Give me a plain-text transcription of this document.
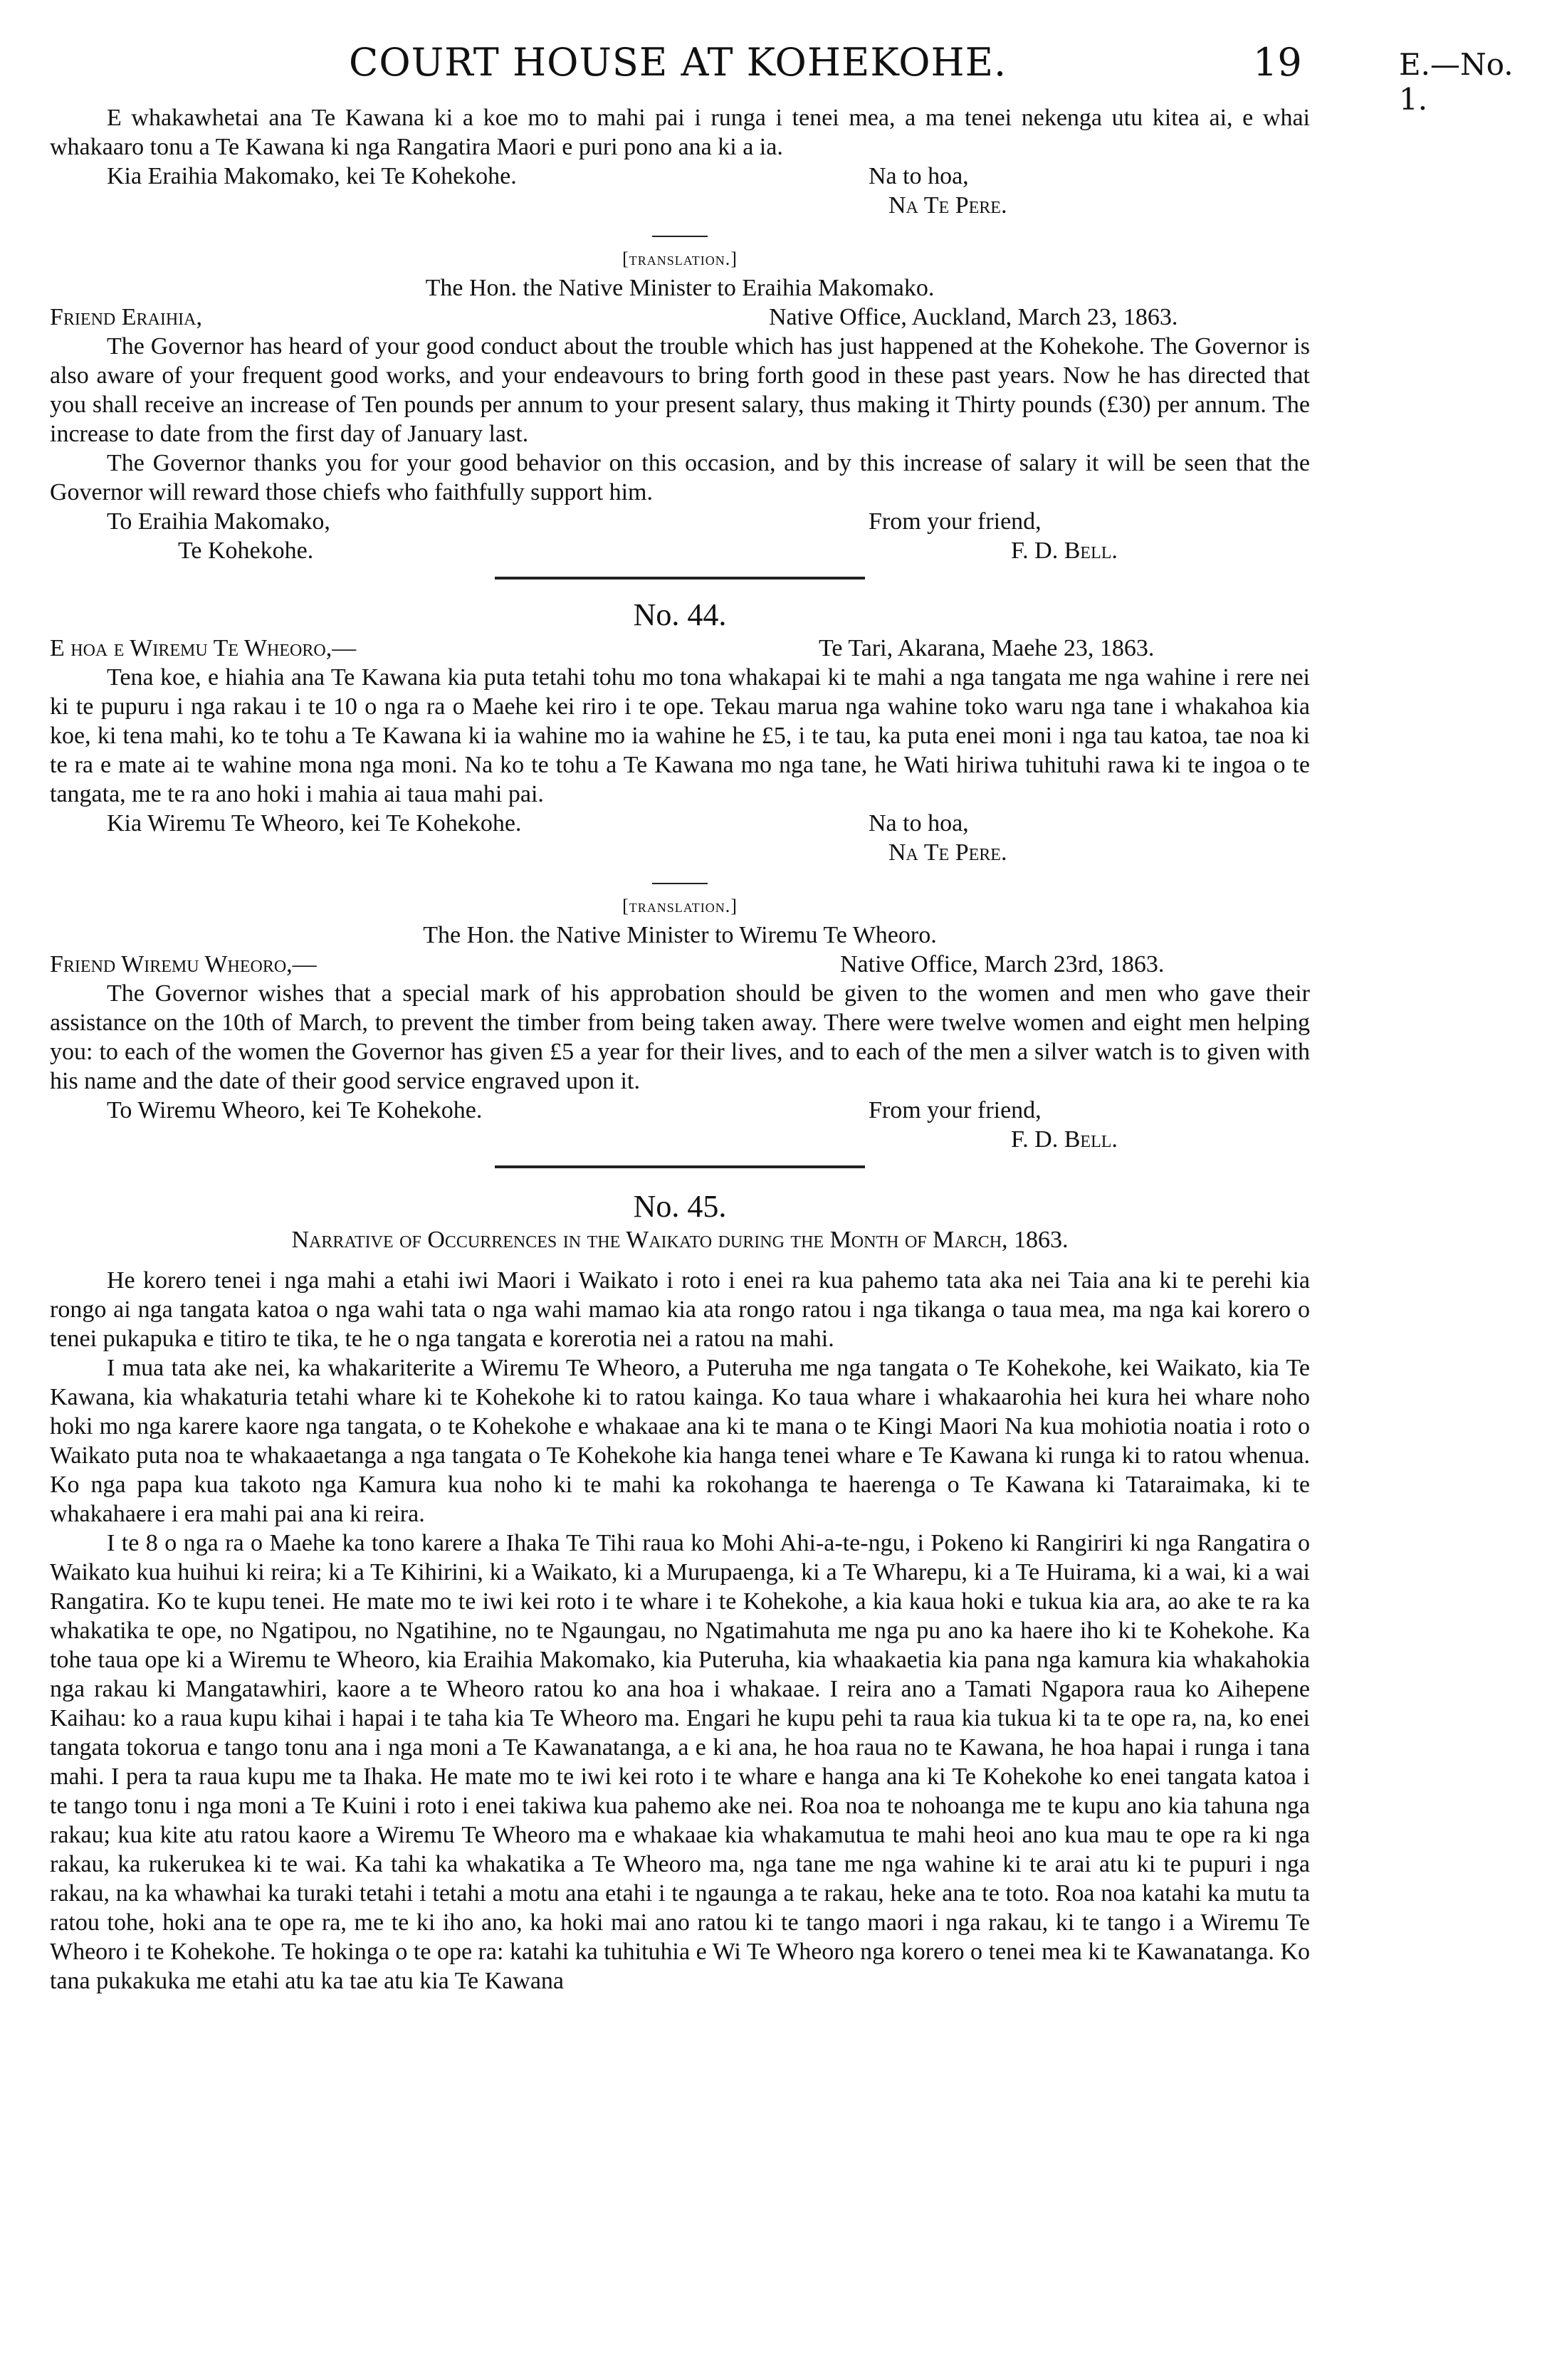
COURT HOUSE AT KOHEKOHE.	19	E.—No. 1.

E whakawhetai ana Te Kawana ki a koe mo to mahi pai i runga i tenei mea, a ma tenei nekenga utu kitea ai, e whai whakaaro tonu a Te Kawana ki nga Rangatira Maori e puri pono ana ki a ia.

Kia Eraihia Makomako, kei Te Kohekohe.	Na to hoa,
Na Te Pere.
[translation.]
The Hon. the Native Minister to Eraihia Makomako.
Friend Eraihia,	Native Office, Auckland, March 23, 1863.

The Governor has heard of your good conduct about the trouble which has just happened at the Kohekohe. The Governor is also aware of your frequent good works, and your endeavours to bring forth good in these past years. Now he has directed that you shall receive an increase of Ten pounds per annum to your present salary, thus making it Thirty pounds (£30) per annum. The increase to date from the first day of January last.

The Governor thanks you for your good behavior on this occasion, and by this increase of salary it will be seen that the Governor will reward those chiefs who faithfully support him.

To Eraihia Makomako,	From your friend,
Te Kohekohe.	F. D. Bell.
No. 44.
E hoa e Wiremu Te Wheoro,—	Te Tari, Akarana, Maehe 23, 1863.

Tena koe, e hiahia ana Te Kawana kia puta tetahi tohu mo tona whakapai ki te mahi a nga tangata me nga wahine i rere nei ki te pupuru i nga rakau i te 10 o nga ra o Maehe kei riro i te ope. Tekau marua nga wahine toko waru nga tane i whakahoa kia koe, ki tena mahi, ko te tohu a Te Kawana ki ia wahine mo ia wahine he £5, i te tau, ka puta enei moni i nga tau katoa, tae noa ki te ra e mate ai te wahine mona nga moni. Na ko te tohu a Te Kawana mo nga tane, he Wati hiriwa tuhituhi rawa ki te ingoa o te tangata, me te ra ano hoki i mahia ai taua mahi pai.

Kia Wiremu Te Wheoro, kei Te Kohekohe.	Na to hoa,
Na Te Pere.
[translation.]
The Hon. the Native Minister to Wiremu Te Wheoro.
Friend Wiremu Wheoro,—	Native Office, March 23rd, 1863.

The Governor wishes that a special mark of his approbation should be given to the women and men who gave their assistance on the 10th of March, to prevent the timber from being taken away. There were twelve women and eight men helping you: to each of the women the Governor has given £5 a year for their lives, and to each of the men a silver watch is to given with his name and the date of their good service engraved upon it.

To Wiremu Wheoro, kei Te Kohekohe.	From your friend,
F. D. Bell.
No. 45.
Narrative of Occurrences in the Waikato during the Month of March, 1863.

He korero tenei i nga mahi a etahi iwi Maori i Waikato i roto i enei ra kua pahemo tata aka nei Taia ana ki te perehi kia rongo ai nga tangata katoa o nga wahi tata o nga wahi mamao kia ata rongo ratou i nga tikanga o taua mea, ma nga kai korero o tenei pukapuka e titiro te tika, te he o nga tangata e korerotia nei a ratou na mahi.

I mua tata ake nei, ka whakariterite a Wiremu Te Wheoro, a Puteruha me nga tangata o Te Kohekohe, kei Waikato, kia Te Kawana, kia whakaturia tetahi whare ki te Kohekohe ki to ratou kainga. Ko taua whare i whakaarohia hei kura hei whare noho hoki mo nga karere kaore nga tangata, o te Kohekohe e whakaae ana ki te mana o te Kingi Maori Na kua mohiotia noatia i roto o Waikato puta noa te whakaaetanga a nga tangata o Te Kohekohe kia hanga tenei whare e Te Kawana ki runga ki to ratou whenua. Ko nga papa kua takoto nga Kamura kua noho ki te mahi ka rokohanga te haerenga o Te Kawana ki Tataraimaka, ki te whakahaere i era mahi pai ana ki reira.

I te 8 o nga ra o Maehe ka tono karere a Ihaka Te Tihi raua ko Mohi Ahi-a-te-ngu, i Pokeno ki Rangiriri ki nga Rangatira o Waikato kua huihui ki reira; ki a Te Kihirini, ki a Waikato, ki a Murupaenga, ki a Te Wharepu, ki a Te Huirama, ki a wai, ki a wai Rangatira. Ko te kupu tenei. He mate mo te iwi kei roto i te whare i te Kohekohe, a kia kaua hoki e tukua kia ara, ao ake te ra ka whakatika te ope, no Ngatipou, no Ngatihine, no te Ngaungau, no Ngatimahuta me nga pu ano ka haere iho ki te Kohekohe. Ka tohe taua ope ki a Wiremu te Wheoro, kia Eraihia Makomako, kia Puteruha, kia whaakaetia kia pana nga kamura kia whakahokia nga rakau ki Mangatawhiri, kaore a te Wheoro ratou ko ana hoa i whakaae. I reira ano a Tamati Ngapora raua ko Aihepene Kaihau: ko a raua kupu kihai i hapai i te taha kia Te Wheoro ma. Engari he kupu pehi ta raua kia tukua ki ta te ope ra, na, ko enei tangata tokorua e tango tonu ana i nga moni a Te Kawanatanga, a e ki ana, he hoa raua no te Kawana, he hoa hapai i runga i tana mahi. I pera ta raua kupu me ta Ihaka. He mate mo te iwi kei roto i te whare e hanga ana ki Te Kohekohe ko enei tangata katoa i te tango tonu i nga moni a Te Kuini i roto i enei takiwa kua pahemo ake nei. Roa noa te nohoanga me te kupu ano kia tahuna nga rakau; kua kite atu ratou kaore a Wiremu Te Wheoro ma e whakaae kia whakamutua te mahi heoi ano kua mau te ope ra ki nga rakau, ka rukerukea ki te wai. Ka tahi ka whakatika a Te Wheoro ma, nga tane me nga wahine ki te arai atu ki te pupuri i nga rakau, na ka whawhai ka turaki tetahi i tetahi a motu ana etahi i te ngaunga a te rakau, heke ana te toto. Roa noa katahi ka mutu ta ratou tohe, hoki ana te ope ra, me te ki iho ano, ka hoki mai ano ratou ki te tango maori i nga rakau, ki te tango i a Wiremu Te Wheoro i te Kohekohe. Te hokinga o te ope ra: katahi ka tuhituhia e Wi Te Wheoro nga korero o tenei mea ki te Kawanatanga. Ko tana pukakuka me etahi atu ka tae atu kia Te Kawana
